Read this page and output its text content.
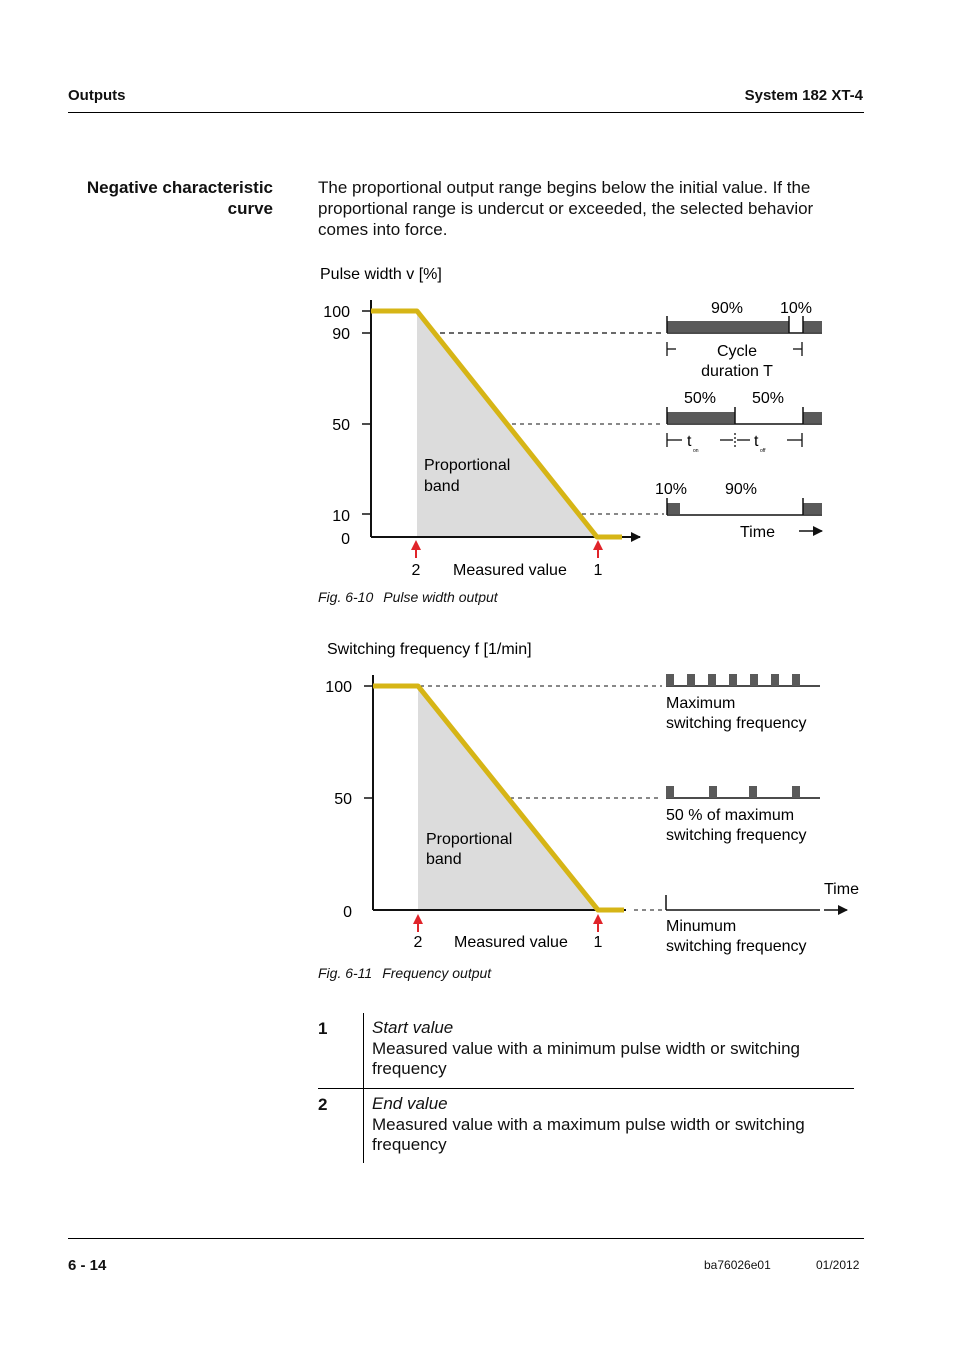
Outputs	System 182 XT-4
Negative characteristic
curve
The proportional output range begins below the initial value. If the
proportional range is undercut or exceeded, the selected behavior
comes into force.
Pulse width v [%]
100
90
50
10
0
Proportional
band
2 Measured value 1
90% 10%
Cycle
duration T
50% 50%
t
on
t
off
10% 90%
Time
Switching frequency f [1/min]
100
50
0
Proportional
band
2 Measured value 1
Maximum
switching frequency
50 % of maximum
switching frequency
Minumum
switching frequency
Time
Fig. 6-10 Pulse width output
Fig. 6-11 Frequency output
1	Start value
Measured value with a minimum pulse width or switching
frequency
2	End value
Measured value with a maximum pulse width or switching
frequency
6 - 14	ba76026e01	01/2012
